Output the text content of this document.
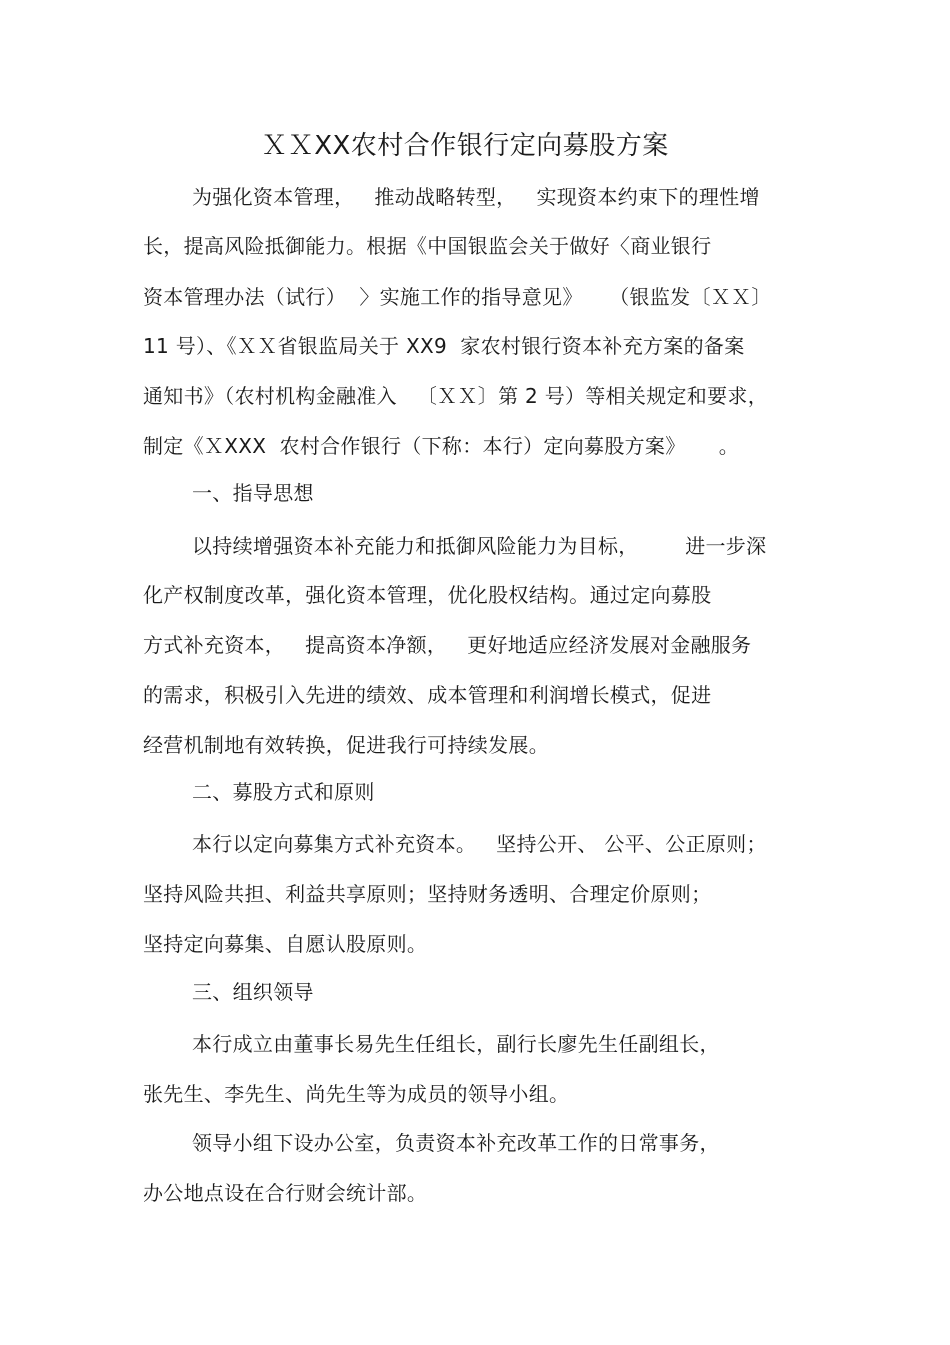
ＸＸXX农村合作银行定向募股方案
为强化资本管理，   推动战略转型，   实现资本约束下的理性增
长，提高风险抵御能力。根据《中国银监会关于做好〈商业银行
资本管理办法（试行）  〉实施工作的指导意见》    （银监发〔ＸＸ〕
11 号）、《ＸＸ省银监局关于 XX9  家农村银行资本补充方案的备案
通知书》（农村机构金融准入   〔ＸＸ〕第 2 号）等相关规定和要求，
制定《ＸXXX  农村合作银行（下称：本行）定向募股方案》     。
一、指导思想
以持续增强资本补充能力和抵御风险能力为目标，       进一步深
化产权制度改革，强化资本管理，优化股权结构。通过定向募股
方式补充资本，   提高资本净额，   更好地适应经济发展对金融服务
的需求，积极引入先进的绩效、成本管理和利润增长模式，促进
经营机制地有效转换，促进我行可持续发展。
二、募股方式和原则
本行以定向募集方式补充资本。   坚持公开、 公平、公正原则；
坚持风险共担、利益共享原则；坚持财务透明、合理定价原则；
坚持定向募集、自愿认股原则。
三、组织领导
本行成立由董事长易先生任组长，副行长廖先生任副组长，
张先生、李先生、尚先生等为成员的领导小组。
领导小组下设办公室，负责资本补充改革工作的日常事务，
办公地点设在合行财会统计部。
